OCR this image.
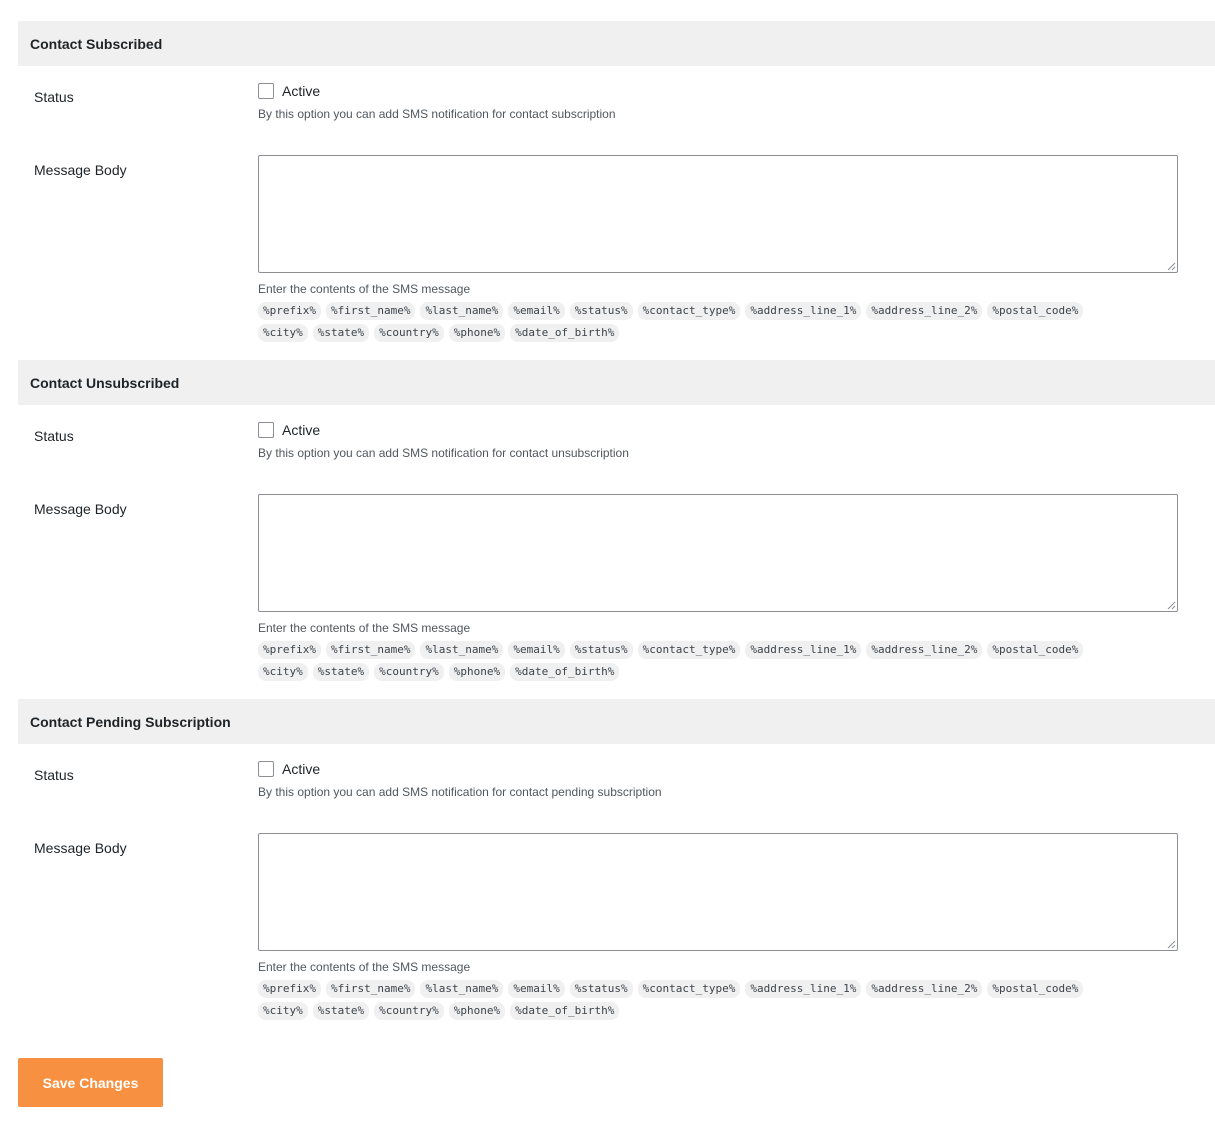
Contact Subscribed
Status	Active
By this option you can add SMS notification for contact subscription
Message Body
Enter the contents of the SMS message
%prefix%	%first_name%	%last_name%	%email%	%status%	%contact_type%	%address_line_1%	%address_line_2%	%postal_code%
%city%	%state%	%country%	%phone%	%date_of_birth%
Contact Unsubscribed
Status	Active
By this option you can add SMS notification for contact unsubscription
Message Body
Enter the contents of the SMS message
%prefix%	%first_name%	%last_name%	%email%	%status%	%contact_type%	%address_line_1%	%address_line_2%	%postal_code%
%city%	%state%	%country%	%phone%	%date_of_birth%
Contact Pending Subscription
Status	Active
By this option you can add SMS notification for contact pending subscription
Message Body
Enter the contents of the SMS message
%prefix%	%first_name%	%last_name%	%email%	%status%	%contact_type%	%address_line_1%	%address_line_2%	%postal_code%
%city%	%state%	%country%	%phone%	%date_of_birth%
Save Changes
